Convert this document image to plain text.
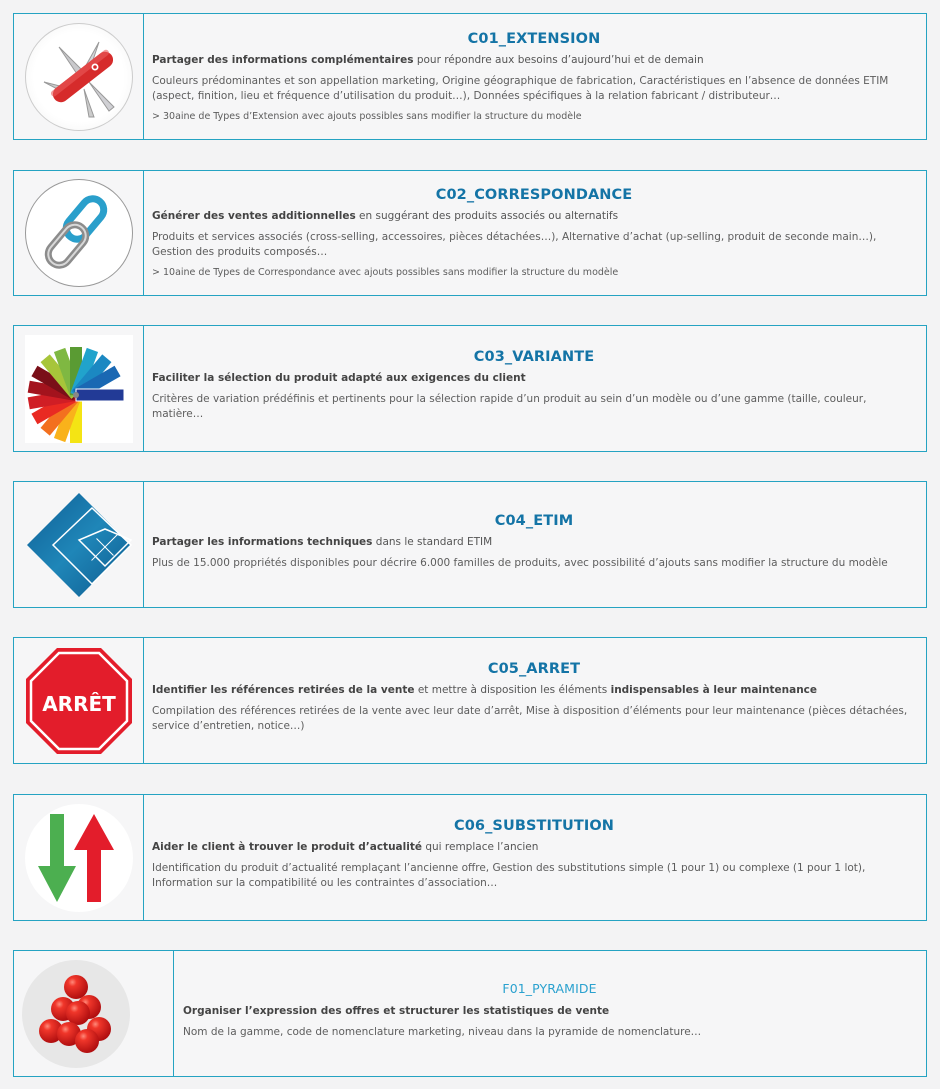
C01_EXTENSION
Partager des informations complémentaires pour répondre aux besoins d’aujourd’hui et de demain
Couleurs prédominantes et son appellation marketing, Origine géographique de fabrication, Caractéristiques en l’absence de données ETIM (aspect, finition, lieu et fréquence d’utilisation du produit…), Données spécifiques à la relation fabricant / distributeur…
> 30aine de Types d’Extension avec ajouts possibles sans modifier la structure du modèle
C02_CORRESPONDANCE
Générer des ventes additionnelles en suggérant des produits associés ou alternatifs
Produits et services associés (cross-selling, accessoires, pièces détachées…), Alternative d’achat (up-selling, produit de seconde main…), Gestion des produits composés…
> 10aine de Types de Correspondance avec ajouts possibles sans modifier la structure du modèle
C03_VARIANTE
Faciliter la sélection du produit adapté aux exigences du client
Critères de variation prédéfinis et pertinents pour la sélection rapide d’un produit au sein d’un modèle ou d’une gamme (taille, couleur, matière…
C04_ETIM
Partager les informations techniques dans le standard ETIM
Plus de 15.000 propriétés disponibles pour décrire 6.000 familles de produits, avec possibilité d’ajouts sans modifier la structure du modèle
ARRÊT
C05_ARRET
Identifier les références retirées de la vente et mettre à disposition les éléments indispensables à leur maintenance
Compilation des références retirées de la vente avec leur date d’arrêt, Mise à disposition d’éléments pour leur maintenance (pièces détachées, service d’entretien, notice…)
C06_SUBSTITUTION
Aider le client à trouver le produit d’actualité qui remplace l’ancien
Identification du produit d’actualité remplaçant l’ancienne offre, Gestion des substitutions simple (1 pour 1) ou complexe (1 pour 1 lot), Information sur la compatibilité ou les contraintes d’association…
F01_PYRAMIDE
Organiser l’expression des offres et structurer les statistiques de vente
Nom de la gamme, code de nomenclature marketing, niveau dans la pyramide de nomenclature…
